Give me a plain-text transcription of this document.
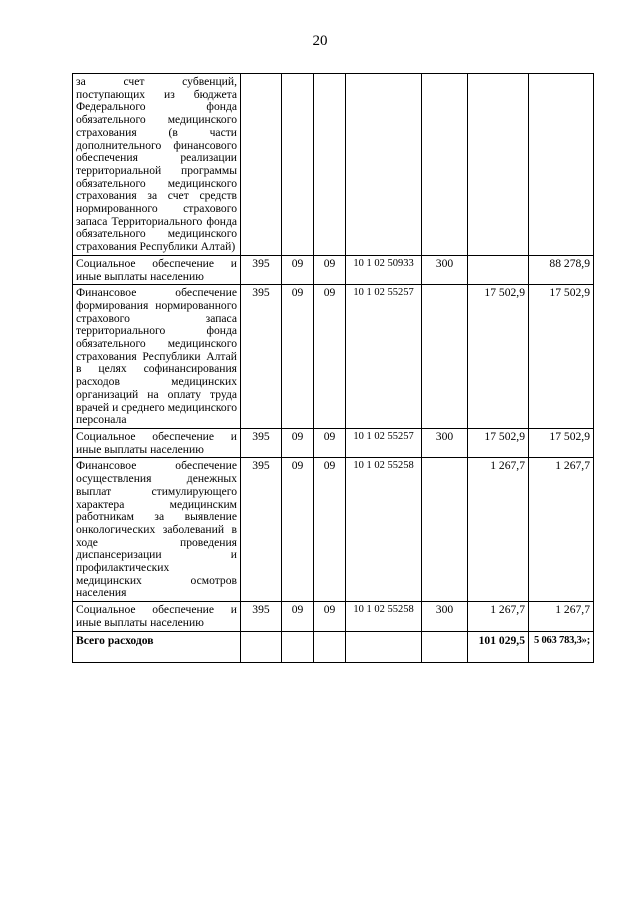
20
за счет субвенций, поступающих из бюджета Федерального фонда обязательного медицинского страхования (в части дополнительного финансового обеспечения реализации территориальной программы обязательного медицинского страхования за счет средств нормированного страхового запаса Территориального фонда обязательного медицинского страхования Республики Алтай)							
Социальное обеспечение и иные выплаты населению	395	09	09	10 1 02 50933	300		88 278,9
Финансовое обеспечение формирования нормированного страхового запаса территориального фонда обязательного медицинского страхования Республики Алтай в целях софинансирования расходов медицинских организаций на оплату труда врачей и среднего медицинского персонала	395	09	09	10 1 02 55257		17 502,9	17 502,9
Социальное обеспечение и иные выплаты населению	395	09	09	10 1 02 55257	300	17 502,9	17 502,9
Финансовое обеспечение осуществления денежных выплат стимулирующего характера медицинским работникам за выявление онкологических заболеваний в ходе проведения диспансеризации и профилактических медицинских осмотров населения	395	09	09	10 1 02 55258		1 267,7	1 267,7
Социальное обеспечение и иные выплаты населению	395	09	09	10 1 02 55258	300	1 267,7	1 267,7
Всего расходов						101 029,5	5 063 783,3»;
